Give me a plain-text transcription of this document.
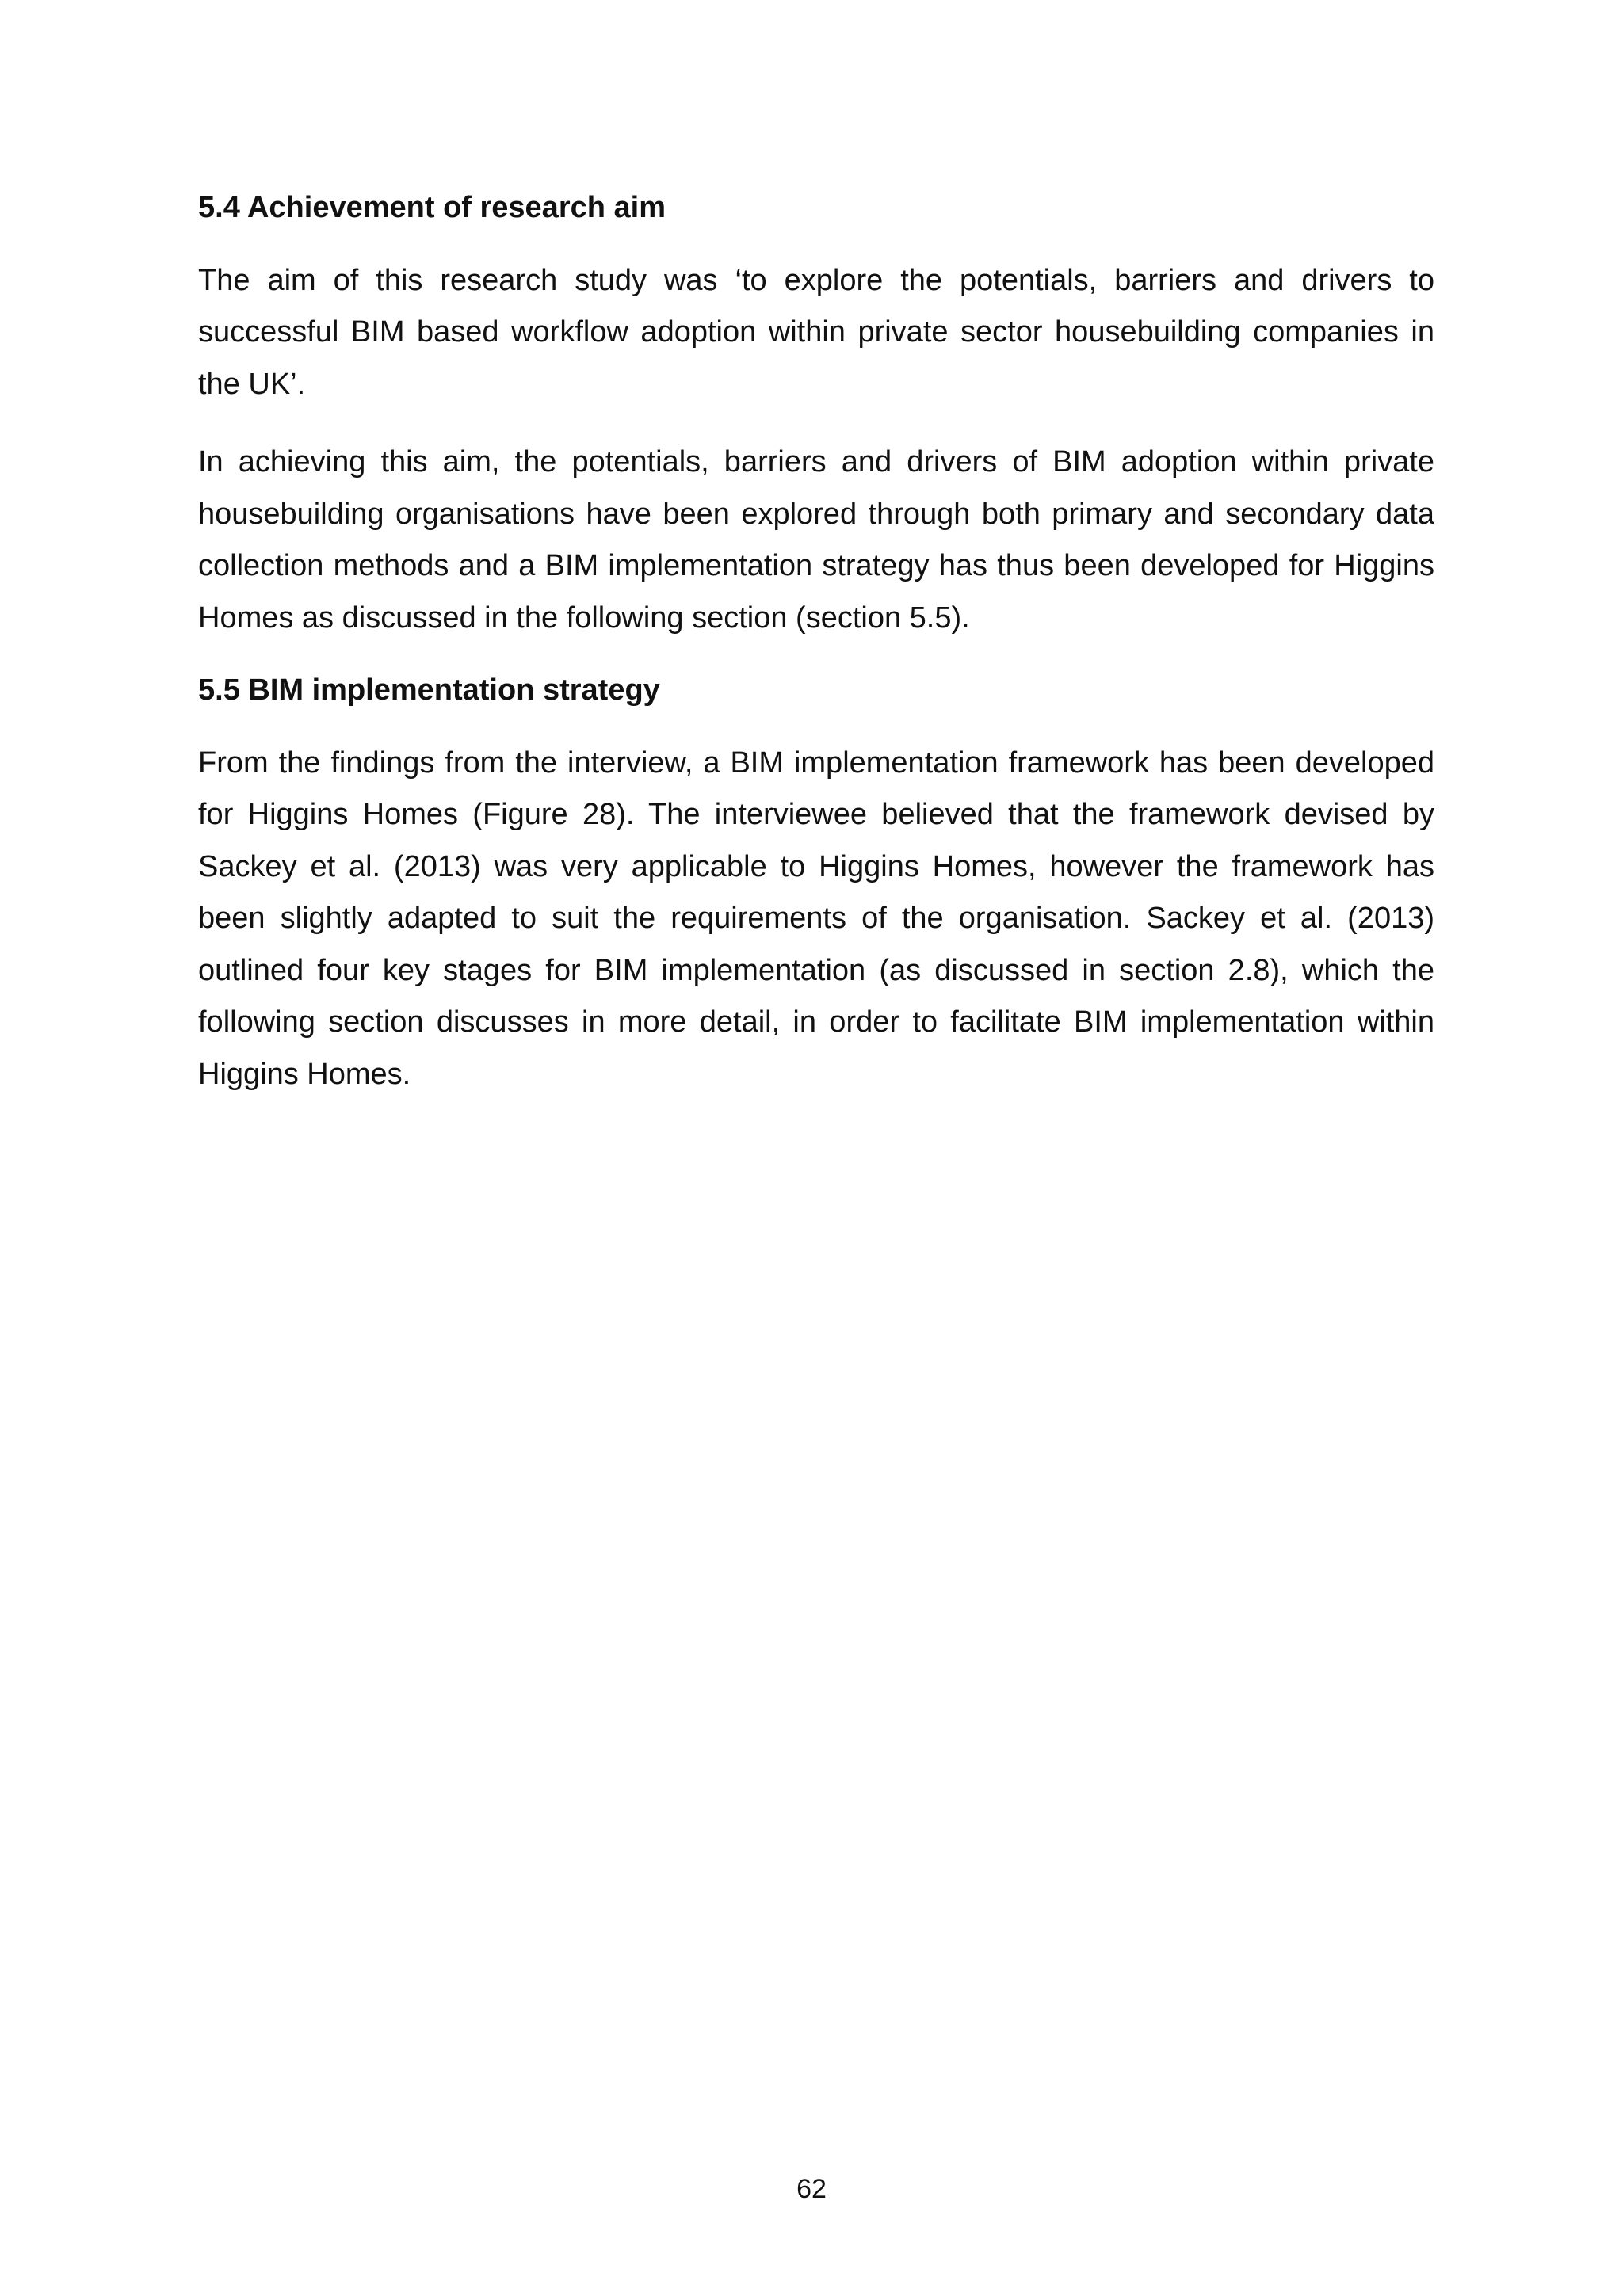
5.4 Achievement of research aim

The aim of this research study was ‘to explore the potentials, barriers and drivers to successful BIM based workflow adoption within private sector housebuilding companies in the UK’.

In achieving this aim, the potentials, barriers and drivers of BIM adoption within private housebuilding organisations have been explored through both primary and secondary data collection methods and a BIM implementation strategy has thus been developed for Higgins Homes as discussed in the following section (section 5.5).

5.5 BIM implementation strategy

From the findings from the interview, a BIM implementation framework has been developed for Higgins Homes (Figure 28). The interviewee believed that the framework devised by Sackey et al. (2013) was very applicable to Higgins Homes, however the framework has been slightly adapted to suit the requirements of the organisation. Sackey et al. (2013) outlined four key stages for BIM implementation (as discussed in section 2.8), which the following section discusses in more detail, in order to facilitate BIM implementation within Higgins Homes.

62
